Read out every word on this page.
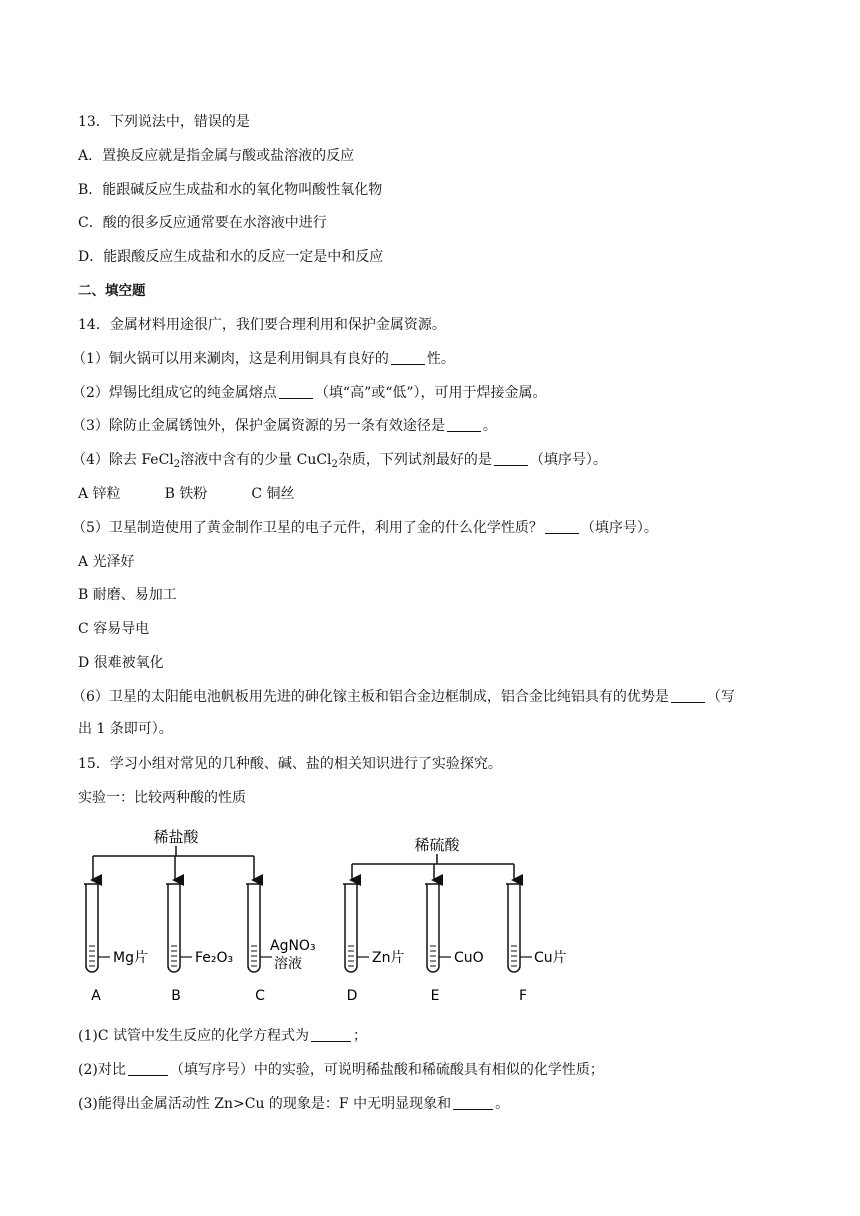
13．下列说法中，错误的是
A．置换反应就是指金属与酸或盐溶液的反应
B．能跟碱反应生成盐和水的氧化物叫酸性氧化物
C．酸的很多反应通常要在水溶液中进行
D．能跟酸反应生成盐和水的反应一定是中和反应
二、填空题
14．金属材料用途很广，我们要合理利用和保护金属资源。
（1）铜火锅可以用来涮肉，这是利用铜具有良好的	性。
（2）焊锡比组成它的纯金属熔点	（填“高”或“低”），可用于焊接金属。
（3）除防止金属锈蚀外，保护金属资源的另一条有效途径是	。
（4）除去 FeCl$_2$溶液中含有的少量 CuCl$_2$杂质，下列试剂最好的是	（填序号）。
A 锌粒	B 铁粉	C 铜丝
（5）卫星制造使用了黄金制作卫星的电子元件，利用了金的什么化学性质？	（填序号）。
A 光泽好
B 耐磨、易加工
C 容易导电
D 很难被氧化
（6）卫星的太阳能电池帆板用先进的砷化镓主板和铝合金边框制成，铝合金比纯铝具有的优势是	（写
出 1 条即可）。
15．学习小组对常见的几种酸、碱、盐的相关知识进行了实验探究。
实验一：比较两种酸的性质
稀盐酸	稀硫酸
Mg片	Fe₂O₃
AgNO₃
溶液	Zn片	CuO	Cu片
A	B	C	D	E	F
(1)C 试管中发生反应的化学方程式为	；
(2)对比	（填写序号）中的实验，可说明稀盐酸和稀硫酸具有相似的化学性质；
(3)能得出金属活动性 Zn>Cu 的现象是：F 中无明显现象和	。
